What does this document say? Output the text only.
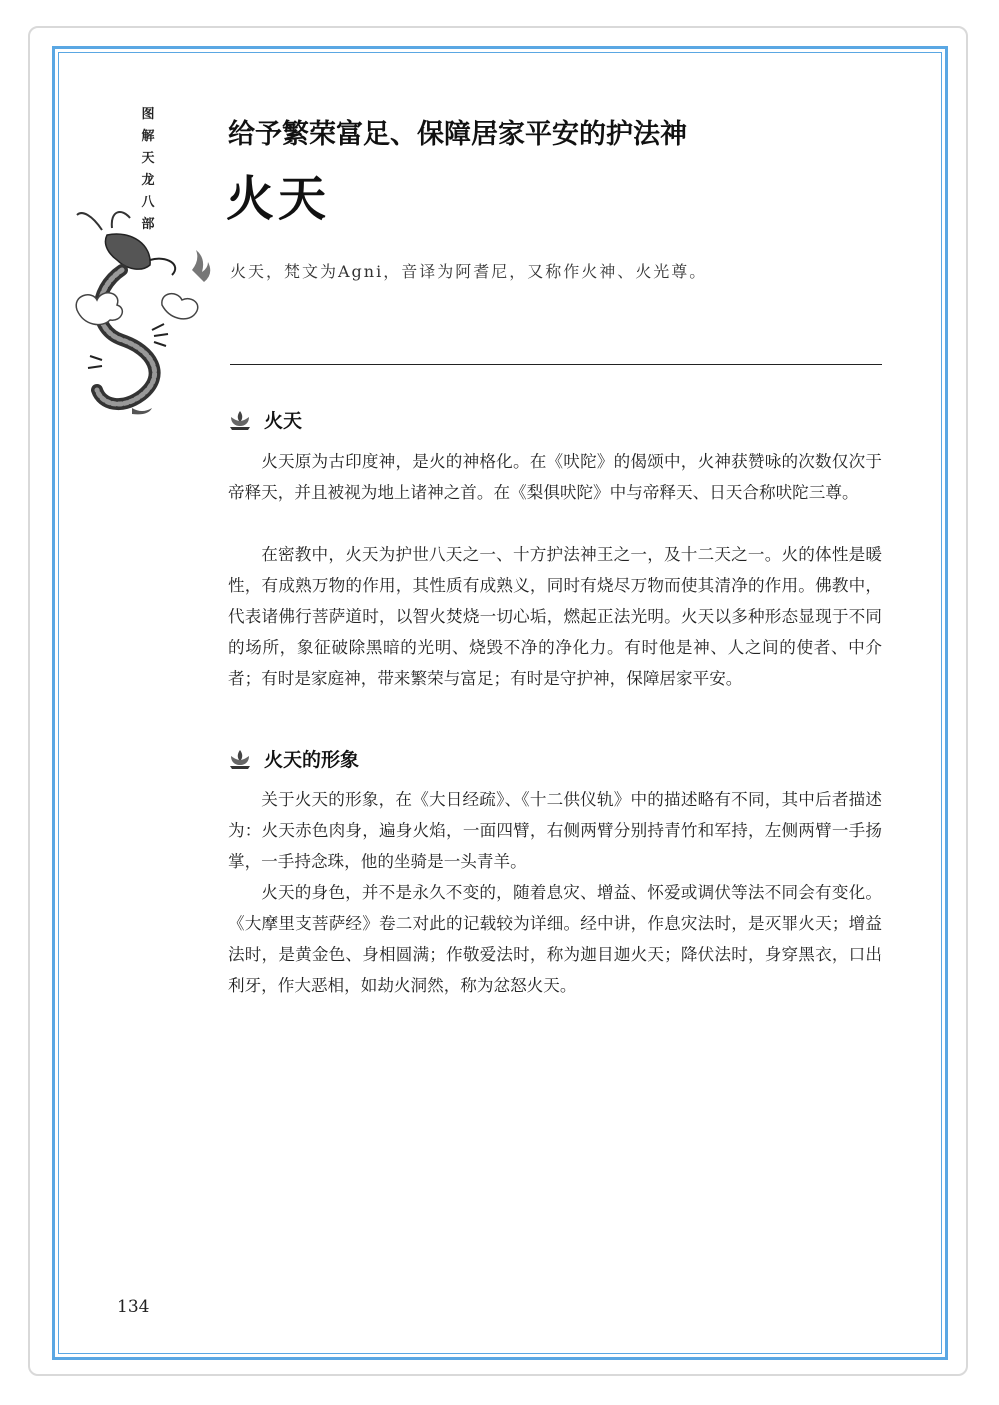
图
解
天
龙
八
部
给予繁荣富足、保障居家平安的护法神
火天
火天，梵文为Agni，音译为阿耆尼，又称作火神、火光尊。
火天

火天原为古印度神，是火的神格化。在《吠陀》的偈颂中，火神获赞咏的次数仅次于帝释天，并且被视为地上诸神之首。在《梨俱吠陀》中与帝释天、日天合称吠陀三尊。

在密教中，火天为护世八天之一、十方护法神王之一，及十二天之一。火的体性是暖性，有成熟万物的作用，其性质有成熟义，同时有烧尽万物而使其清净的作用。佛教中，代表诸佛行菩萨道时，以智火焚烧一切心垢，燃起正法光明。火天以多种形态显现于不同的场所，象征破除黑暗的光明、烧毁不净的净化力。有时他是神、人之间的使者、中介者；有时是家庭神，带来繁荣与富足；有时是守护神，保障居家平安。

火天的形象

关于火天的形象，在《大日经疏》、《十二供仪轨》中的描述略有不同，其中后者描述为：火天赤色肉身，遍身火焰，一面四臂，右侧两臂分别持青竹和军持，左侧两臂一手扬掌，一手持念珠，他的坐骑是一头青羊。

火天的身色，并不是永久不变的，随着息灾、增益、怀爱或调伏等法不同会有变化。《大摩里支菩萨经》卷二对此的记载较为详细。经中讲，作息灾法时，是灭罪火天；增益法时，是黄金色、身相圆满；作敬爱法时，称为迦目迦火天；降伏法时，身穿黑衣，口出利牙，作大恶相，如劫火洞然，称为忿怒火天。

134
